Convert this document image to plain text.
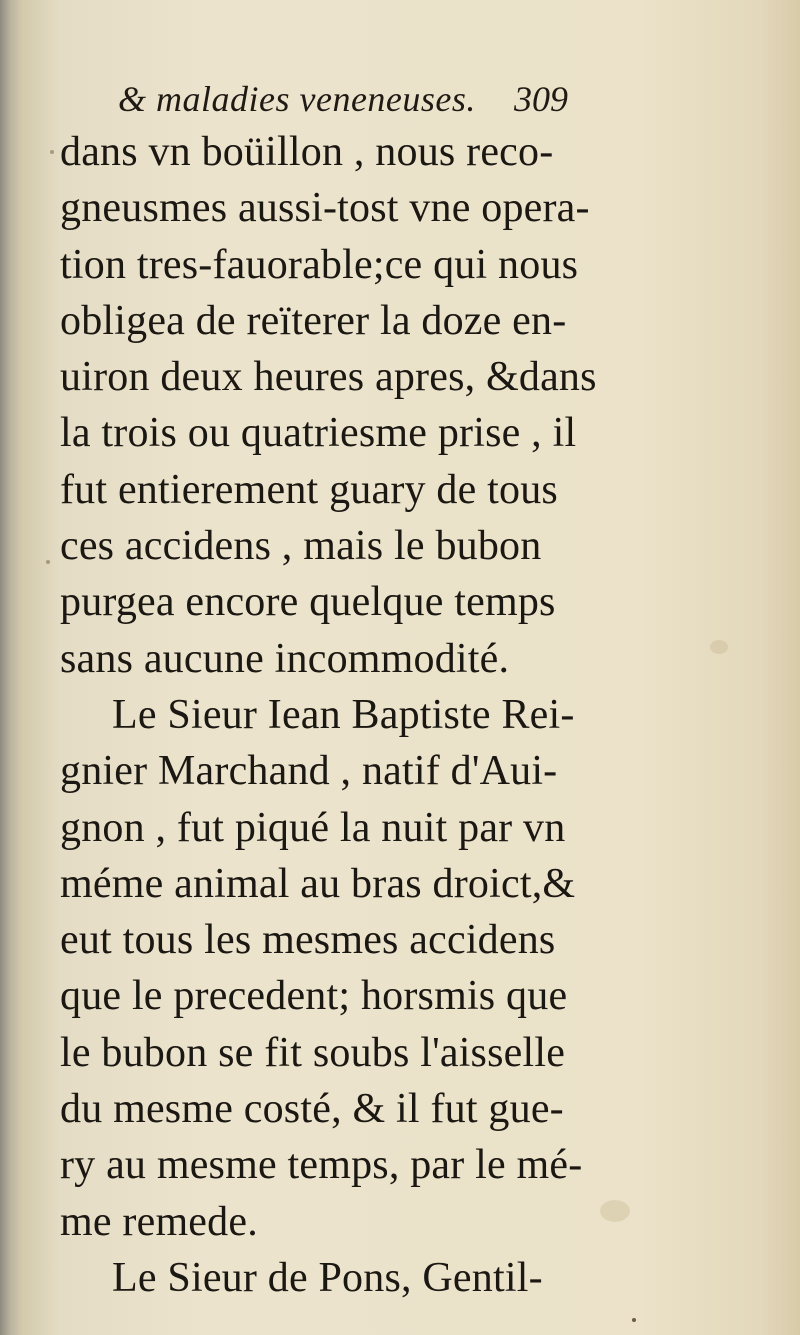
& maladies veneneuses. 309
dans vn boüillon , nous reco-
gneusmes aussi-tost vne opera-
tion tres-fauorable;ce qui nous
obligea de reïterer la doze en-
uiron deux heures apres, &dans
la trois ou quatriesme prise , il
fut entierement guary de tous
ces accidens , mais le bubon
purgea encore quelque temps
sans aucune incommodité.
Le Sieur Iean Baptiste Rei-
gnier Marchand , natif d'Aui-
gnon , fut piqué la nuit par vn
méme animal au bras droict,&
eut tous les mesmes accidens
que le precedent; horsmis que
le bubon se fit soubs l'aisselle
du mesme costé, & il fut gue-
ry au mesme temps, par le mé-
me remede.
Le Sieur de Pons, Gentil-
